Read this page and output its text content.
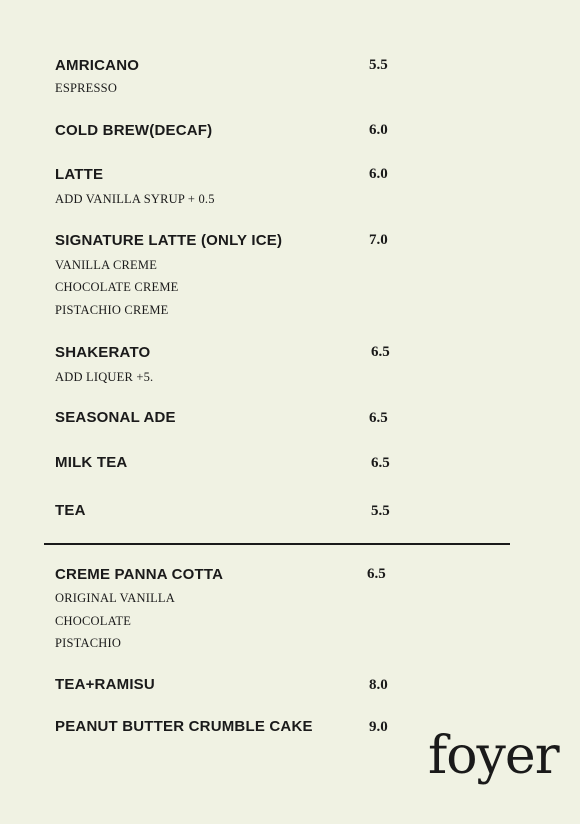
AMRICANO	5.5
ESPRESSO
COLD BREW(DECAF)	6.0
LATTE	6.0
ADD VANILLA SYRUP + 0.5
SIGNATURE LATTE (ONLY ICE)	7.0
VANILLA CREME
CHOCOLATE CREME
PISTACHIO CREME
SHAKERATO	6.5
ADD LIQUER +5.
SEASONAL ADE	6.5
MILK TEA	6.5
TEA	5.5
CREME PANNA COTTA	6.5
ORIGINAL VANILLA
CHOCOLATE
PISTACHIO
TEA+RAMISU	8.0
PEANUT BUTTER CRUMBLE CAKE	9.0 foyer
